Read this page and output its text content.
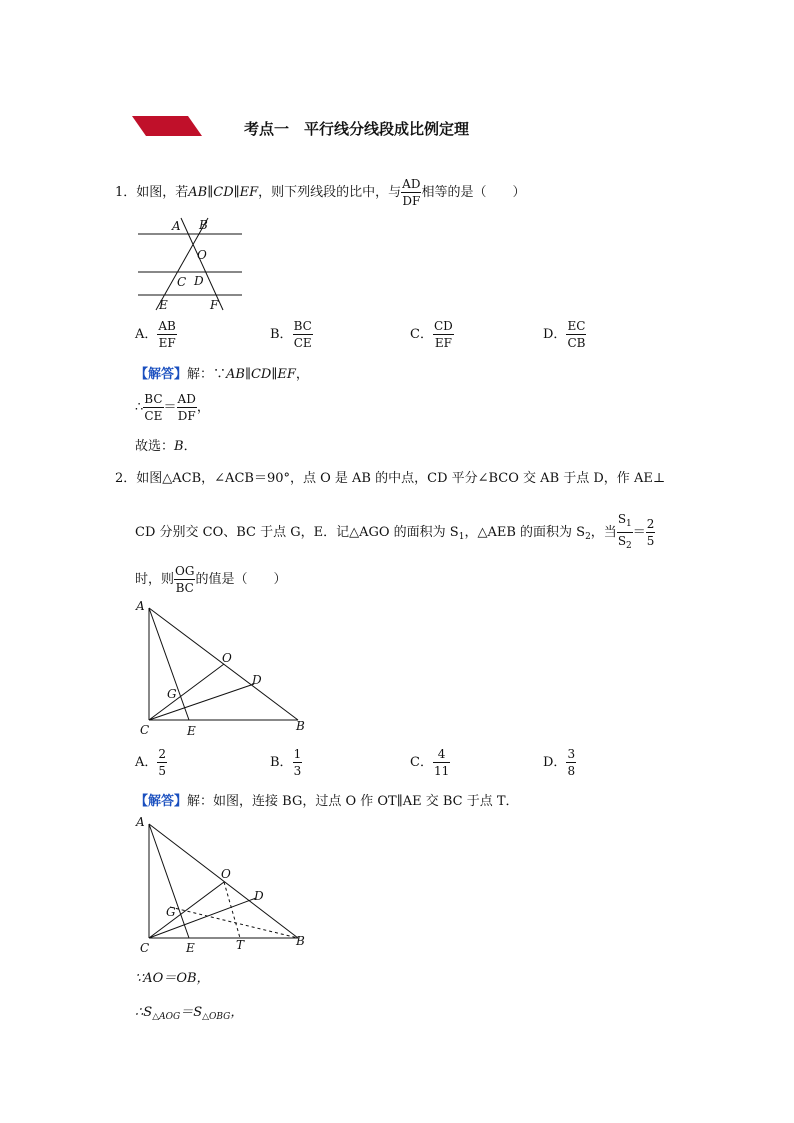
考点一　平行线分线段成比例定理
1．如图，若AB∥CD∥EF，则下列线段的比中，与 $\frac{AD}{DF}$ 相等的是（　　）
A B
O
C D
E	F
A． $\frac{AB}{EF}$	B． $\frac{BC}{CE}$	C． $\frac{CD}{EF}$	D． $\frac{EC}{CB}$
【解答】解：∵AB∥CD∥EF，
∴ $\frac{BC}{CE} = \frac{AD}{DF}$ ，
故选：B．
2．如图△ACB，∠ACB＝90°，点 O 是 AB 的中点，CD 平分∠BCO 交 AB 于点 D，作 AE⊥
CD 分别交 CO、BC 于点 G，E．记△AGO 的面积为 $S_1$，△AEB 的面积为 $S_2$，当 $\frac{S_1}{S_2} = \frac{2}{5}$
时，则 $\frac{OG}{BC}$ 的值是（　　）
A
O
D
G
C	E	B
A． $\frac{2}{5}$	B． $\frac{1}{3}$	C． $\frac{4}{11}$	D． $\frac{3}{8}$
【解答】解：如图，连接 BG，过点 O 作 OT∥AE 交 BC 于点 T．
A
O
D
G
C	E	T	B
∵AO＝OB，
$\therefore S_{\triangle AOG}=S_{\triangle OBG}$，
